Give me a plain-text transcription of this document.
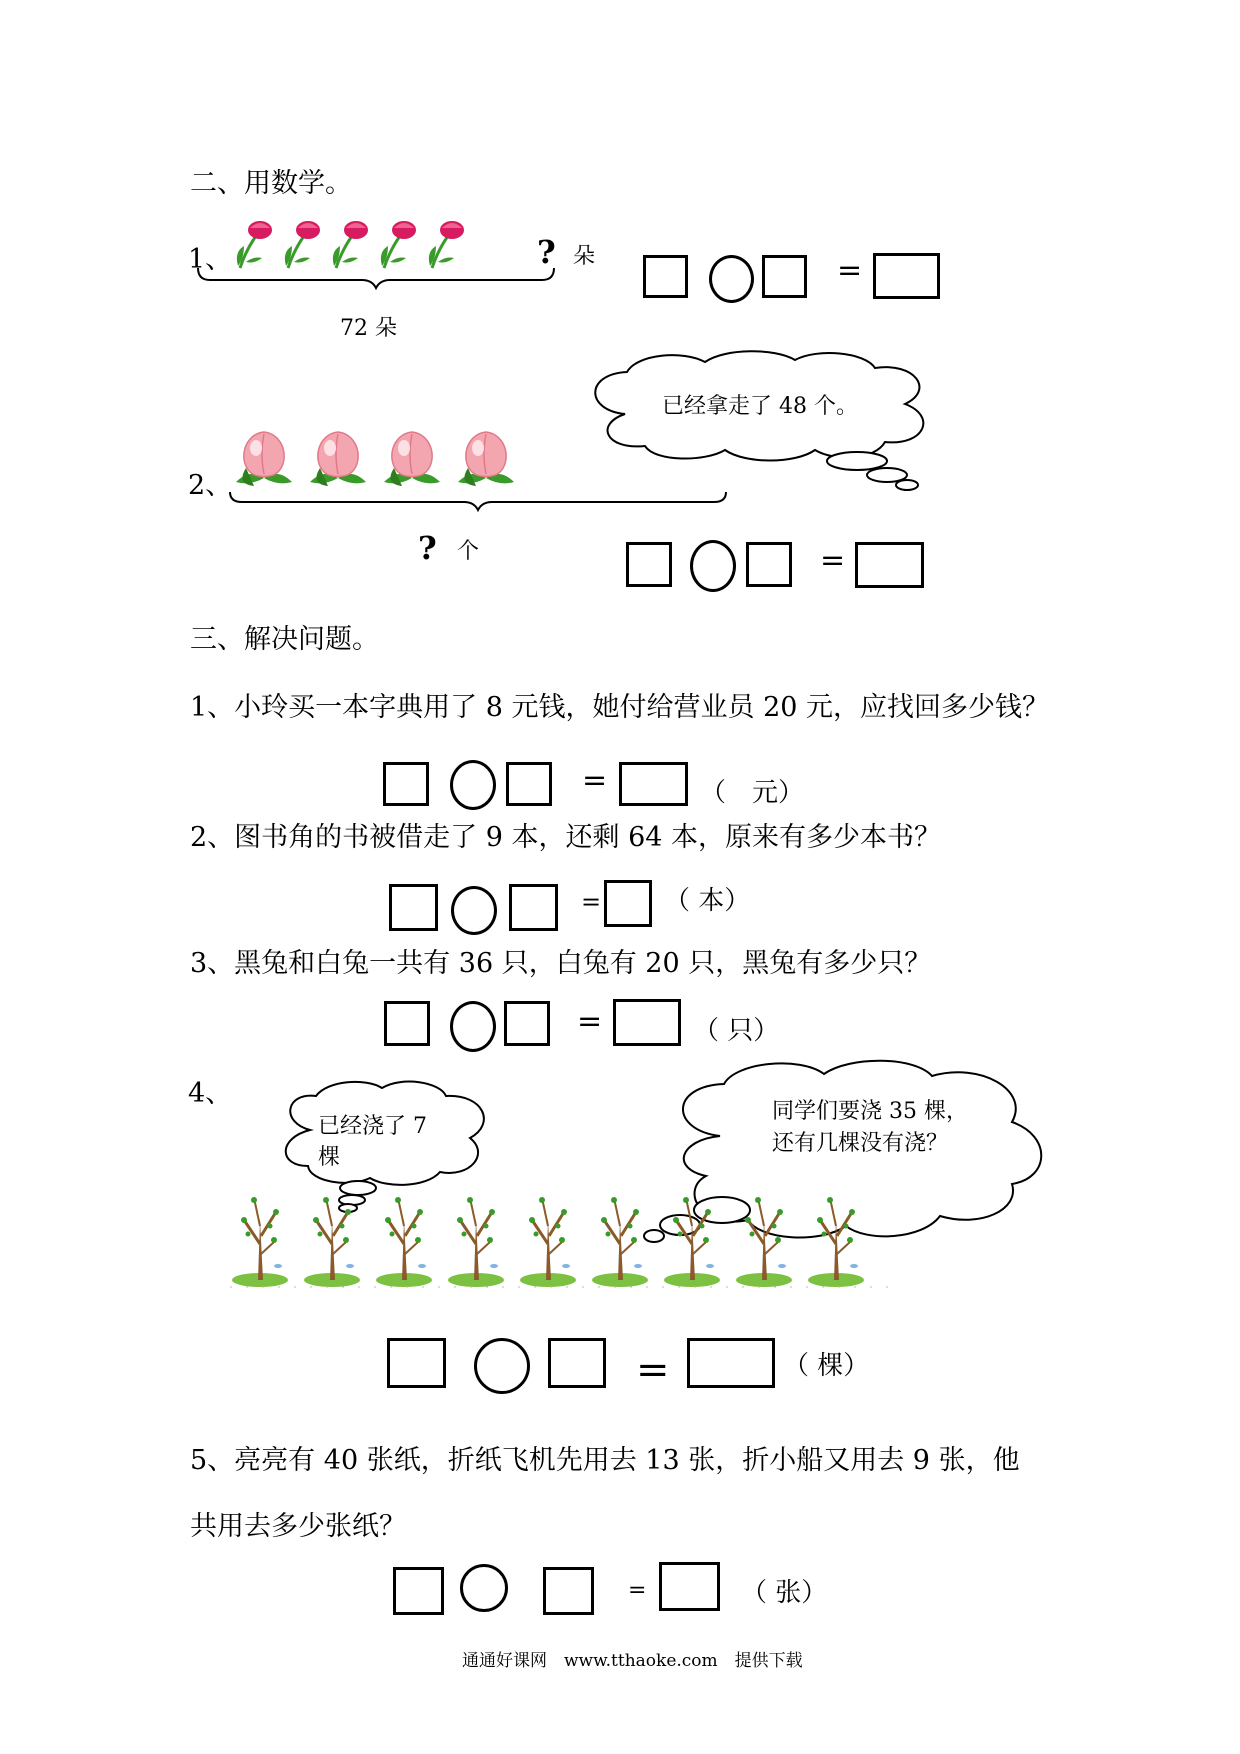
二、用数学。
1、	? 朵
72 朵
=
已经拿走了 48 个。
2、
? 个	=
三、解决问题。
1、小玲买一本字典用了 8 元钱，她付给营业员 20 元，应找回多少钱？
=	（　元）
2、图书角的书被借走了 9 本，还剩 64 本，原来有多少本书？
= （ 本）
3、黑兔和白兔一共有 36 只，白兔有 20 只，黑兔有多少只？
=	（ 只）
4、
已经浇了 7 棵
同学们要浇 35 棵，还有几棵没有浇？
=	（ 棵）
5、亮亮有 40 张纸，折纸飞机先用去 13 张，折小船又用去 9 张，他
共用去多少张纸？
=	（ 张）
通通好课网　www.tthaoke.com　提供下载
